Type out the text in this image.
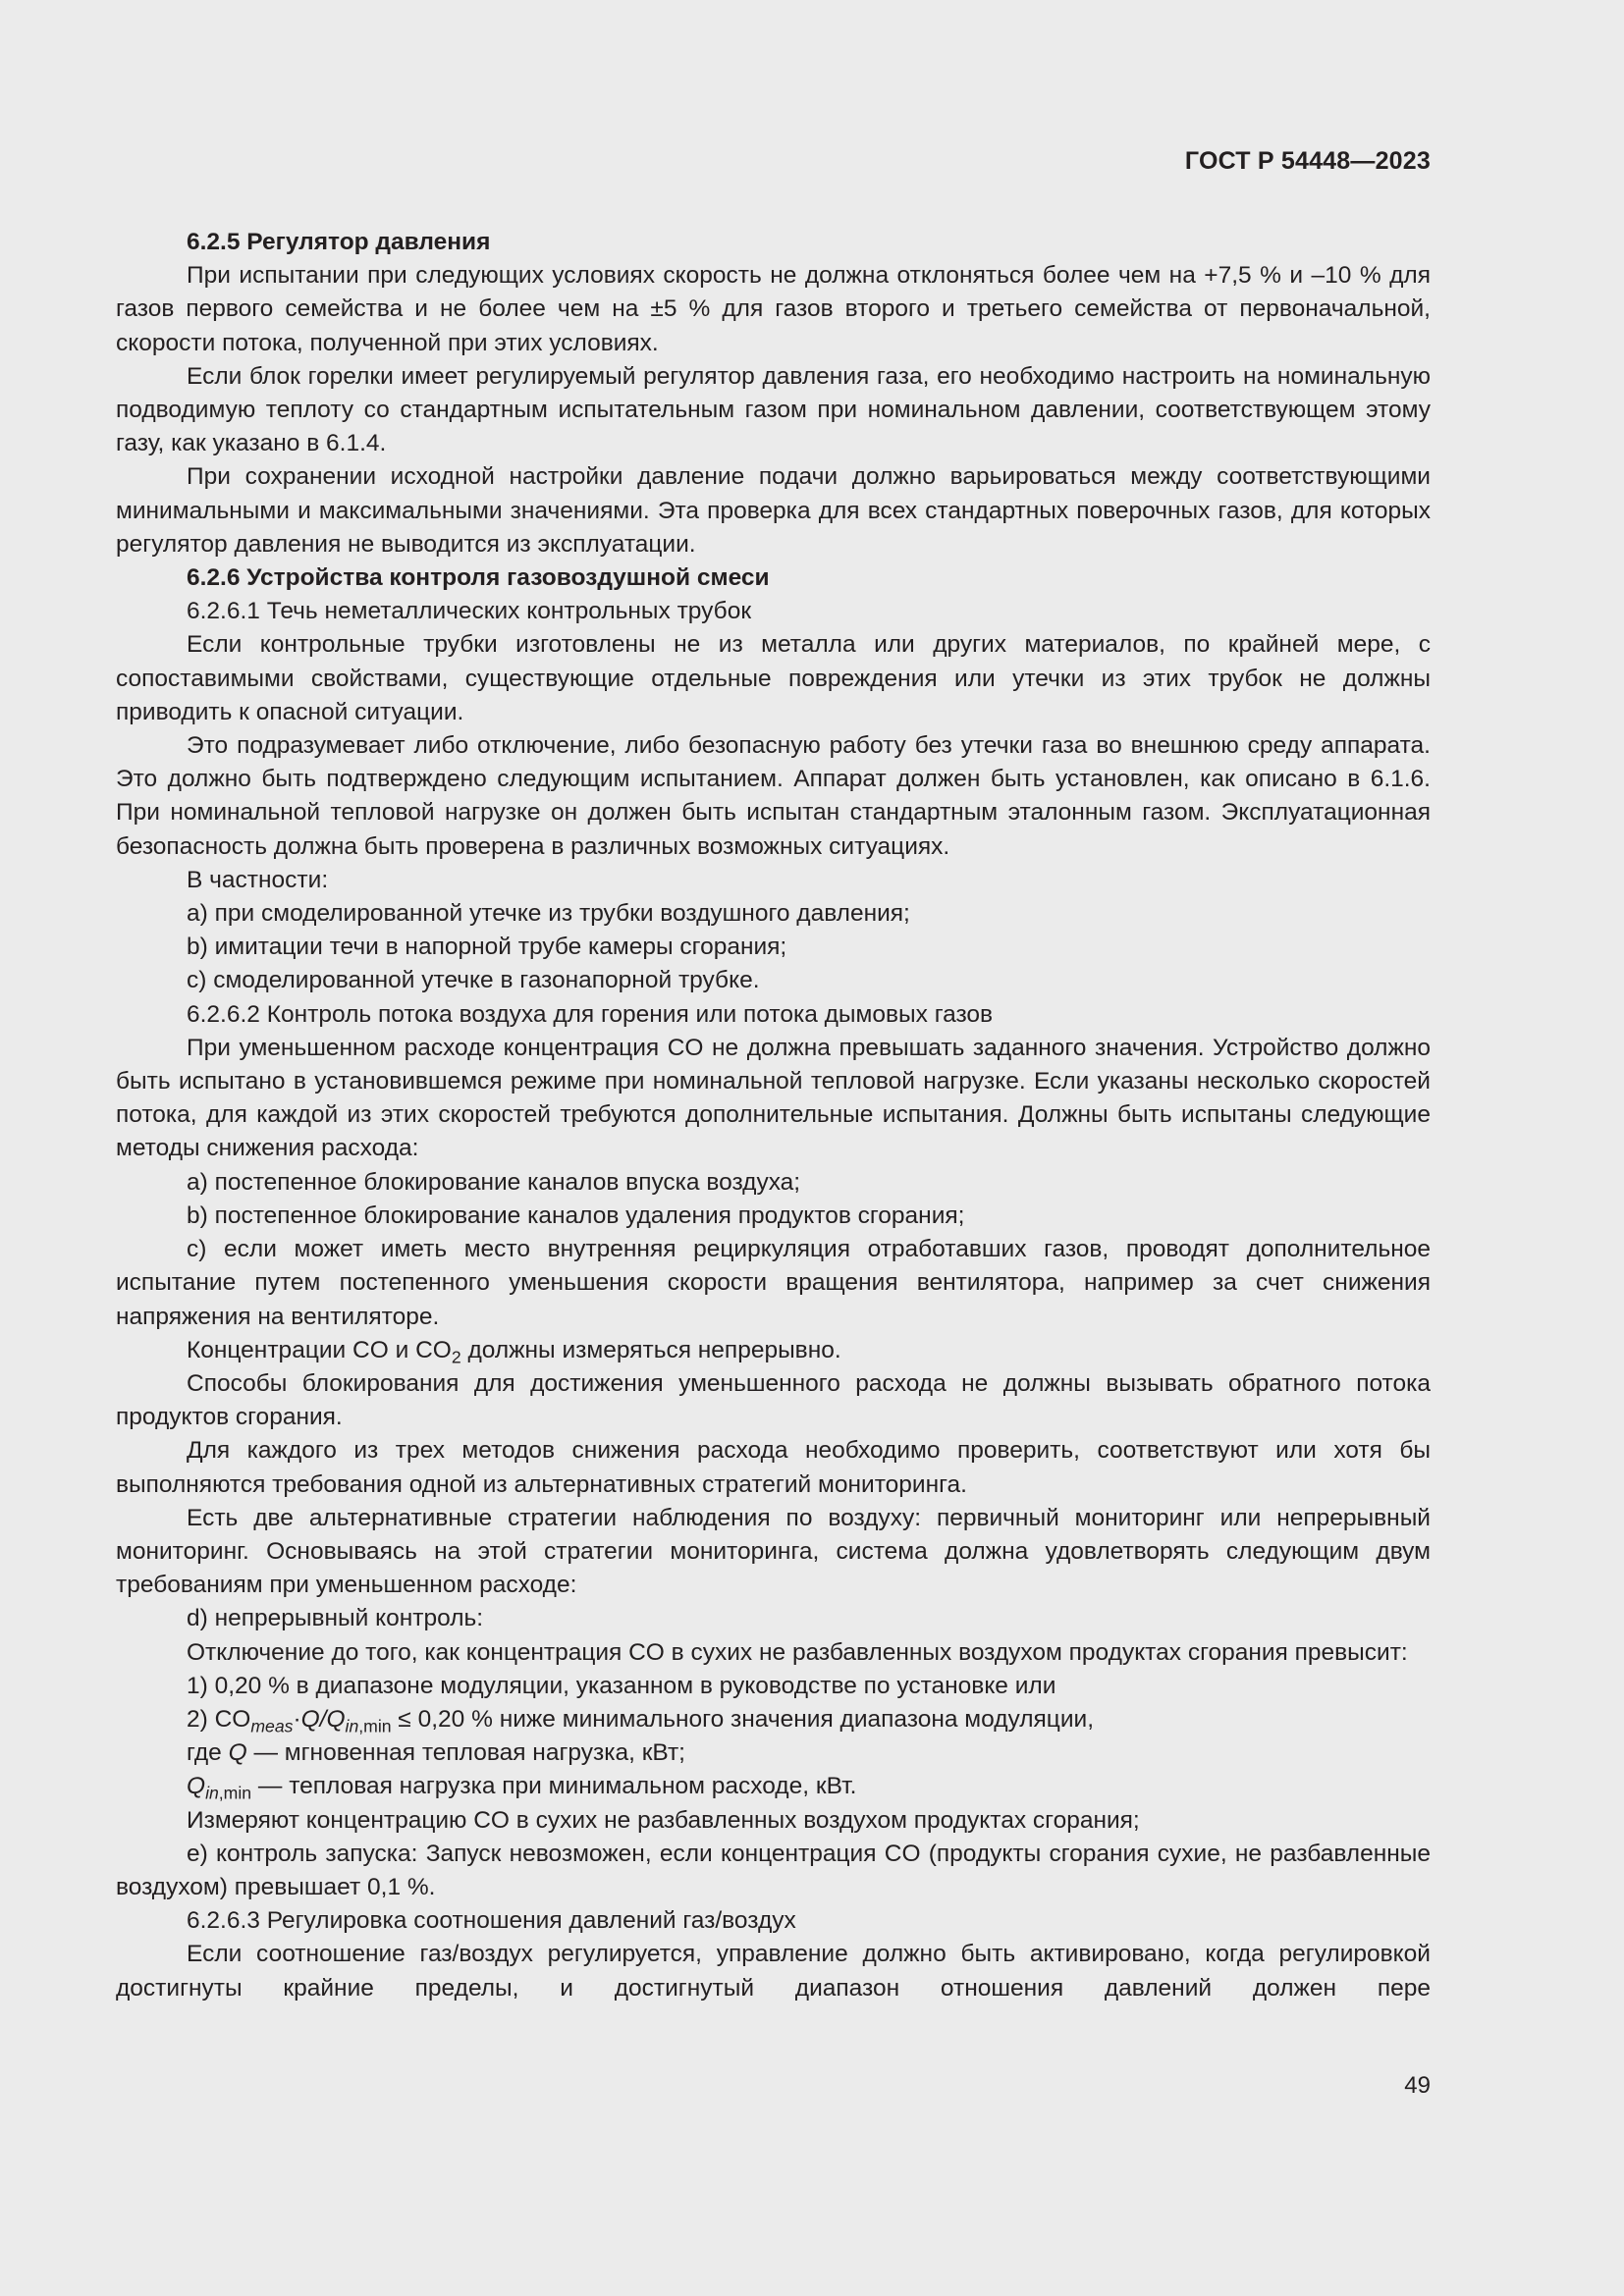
ГОСТ Р 54448—2023

6.2.5 Регулятор давления

При испытании при следующих условиях скорость не должна отклоняться более чем на +7,5 % и –10 % для газов первого семейства и не более чем на ±5 % для газов второго и третьего семейства от первоначальной, скорости потока, полученной при этих условиях.

Если блок горелки имеет регулируемый регулятор давления газа, его необходимо настроить на номинальную подводимую теплоту со стандартным испытательным газом при номинальном давлении, соответствующем этому газу, как указано в 6.1.4.

При сохранении исходной настройки давление подачи должно варьироваться между соответствующими минимальными и максимальными значениями. Эта проверка для всех стандартных поверочных газов, для которых регулятор давления не выводится из эксплуатации.

6.2.6 Устройства контроля газовоздушной смеси

6.2.6.1 Течь неметаллических контрольных трубок

Если контрольные трубки изготовлены не из металла или других материалов, по крайней мере, с сопоставимыми свойствами, существующие отдельные повреждения или утечки из этих трубок не должны приводить к опасной ситуации.

Это подразумевает либо отключение, либо безопасную работу без утечки газа во внешнюю среду аппарата. Это должно быть подтверждено следующим испытанием. Аппарат должен быть установлен, как описано в 6.1.6. При номинальной тепловой нагрузке он должен быть испытан стандартным эталонным газом. Эксплуатационная безопасность должна быть проверена в различных возможных ситуациях.

В частности:

a) при смоделированной утечке из трубки воздушного давления;

b) имитации течи в напорной трубе камеры сгорания;

c) смоделированной утечке в газонапорной трубке.

6.2.6.2 Контроль потока воздуха для горения или потока дымовых газов

При уменьшенном расходе концентрация CO не должна превышать заданного значения. Устройство должно быть испытано в установившемся режиме при номинальной тепловой нагрузке. Если указаны несколько скоростей потока, для каждой из этих скоростей требуются дополнительные испытания. Должны быть испытаны следующие методы снижения расхода:

a) постепенное блокирование каналов впуска воздуха;

b) постепенное блокирование каналов удаления продуктов сгорания;

c) если может иметь место внутренняя рециркуляция отработавших газов, проводят дополнительное испытание путем постепенного уменьшения скорости вращения вентилятора, например за счет снижения напряжения на вентиляторе.

Концентрации CO и $CO_2$ должны измеряться непрерывно.

Способы блокирования для достижения уменьшенного расхода не должны вызывать обратного потока продуктов сгорания.

Для каждого из трех методов снижения расхода необходимо проверить, соответствуют или хотя бы выполняются требования одной из альтернативных стратегий мониторинга.

Есть две альтернативные стратегии наблюдения по воздуху: первичный мониторинг или непрерывный мониторинг. Основываясь на этой стратегии мониторинга, система должна удовлетворять следующим двум требованиям при уменьшенном расходе:

d) непрерывный контроль:

Отключение до того, как концентрация CO в сухих не разбавленных воздухом продуктах сгорания превысит:

1) 0,20 % в диапазоне модуляции, указанном в руководстве по установке или

2) $CO_{meas}\cdot Q/Q_{in,min} \le 0,20$ % ниже минимального значения диапазона модуляции,

где Q — мгновенная тепловая нагрузка, кВт;

$Q_{in,min}$ — тепловая нагрузка при минимальном расходе, кВт.

Измеряют концентрацию CO в сухих не разбавленных воздухом продуктах сгорания;

e) контроль запуска: Запуск невозможен, если концентрация CO (продукты сгорания сухие, не разбавленные воздухом) превышает 0,1 %.

6.2.6.3 Регулировка соотношения давлений газ/воздух

Если соотношение газ/воздух регулируется, управление должно быть активировано, когда регулировкой достигнуты крайние пределы, и достигнутый диапазон отношения давлений должен пере

49
